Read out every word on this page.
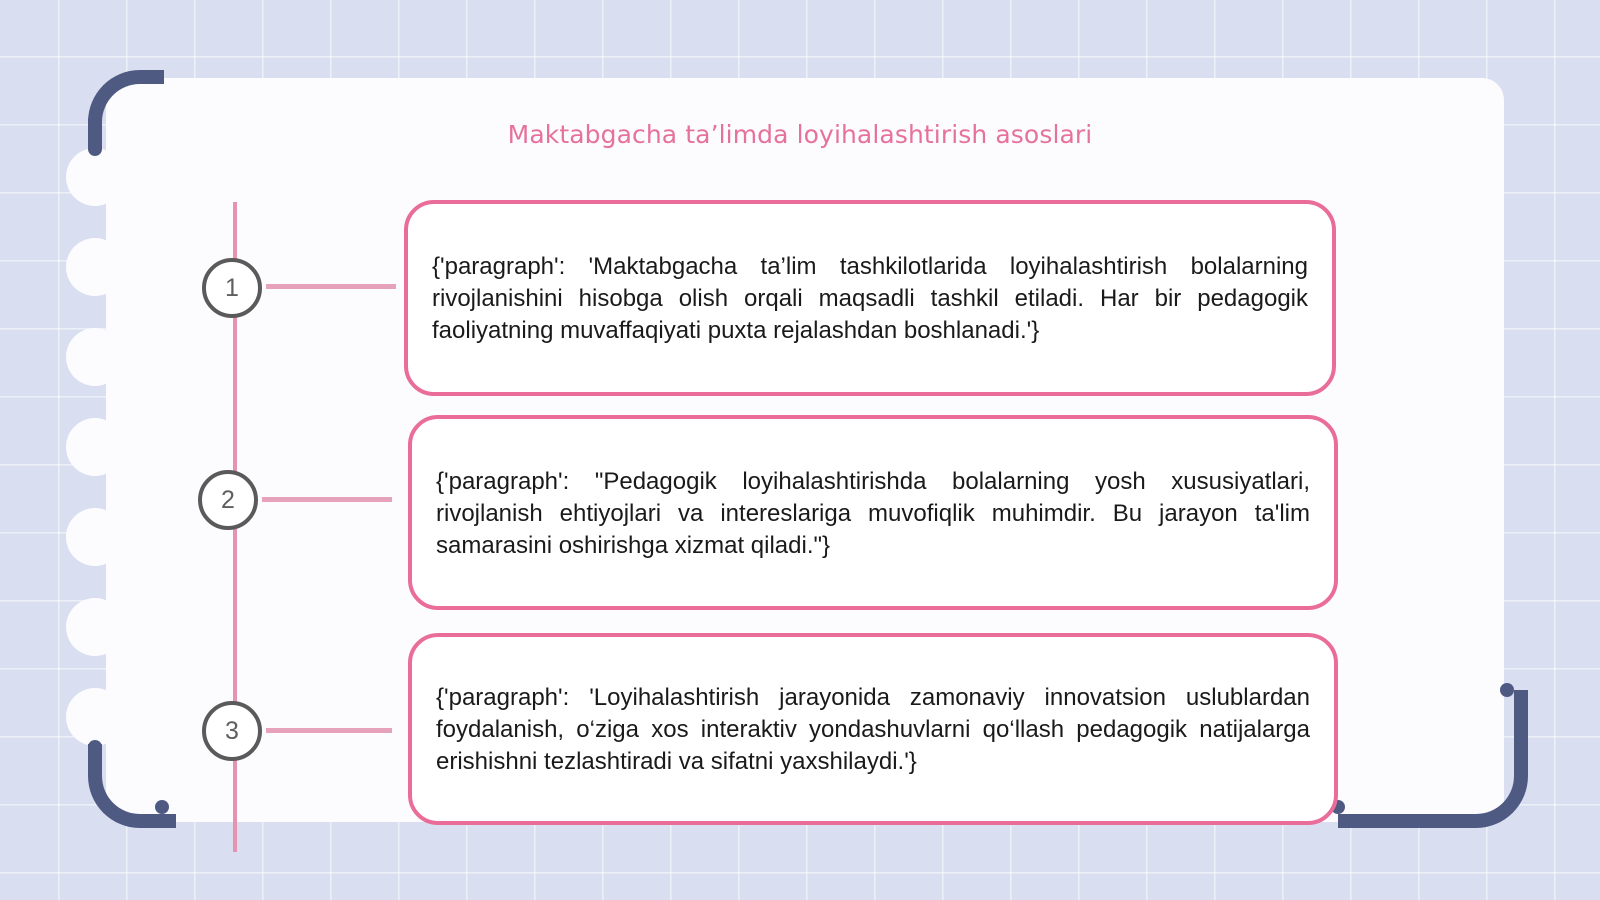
Maktabgacha ta’limda loyihalashtirish asoslari
1
2
3

{'paragraph': 'Maktabgacha ta’lim tashkilotlarida loyihalashtirish bolalarning rivojlanishini hisobga olish orqali maqsadli tashkil etiladi. Har bir pedagogik faoliyatning muvaffaqiyati puxta rejalashdan boshlanadi.'}

{'paragraph': "Pedagogik loyihalashtirishda bolalarning yosh xususiyatlari, rivojlanish ehtiyojlari va intereslariga muvofiqlik muhimdir. Bu jarayon ta'lim samarasini oshirishga xizmat qiladi."}

{'paragraph': 'Loyihalashtirish jarayonida zamonaviy innovatsion uslublardan foydalanish, o‘ziga xos interaktiv yondashuvlarni qo‘llash pedagogik natijalarga erishishni tezlashtiradi va sifatni yaxshilaydi.'}
